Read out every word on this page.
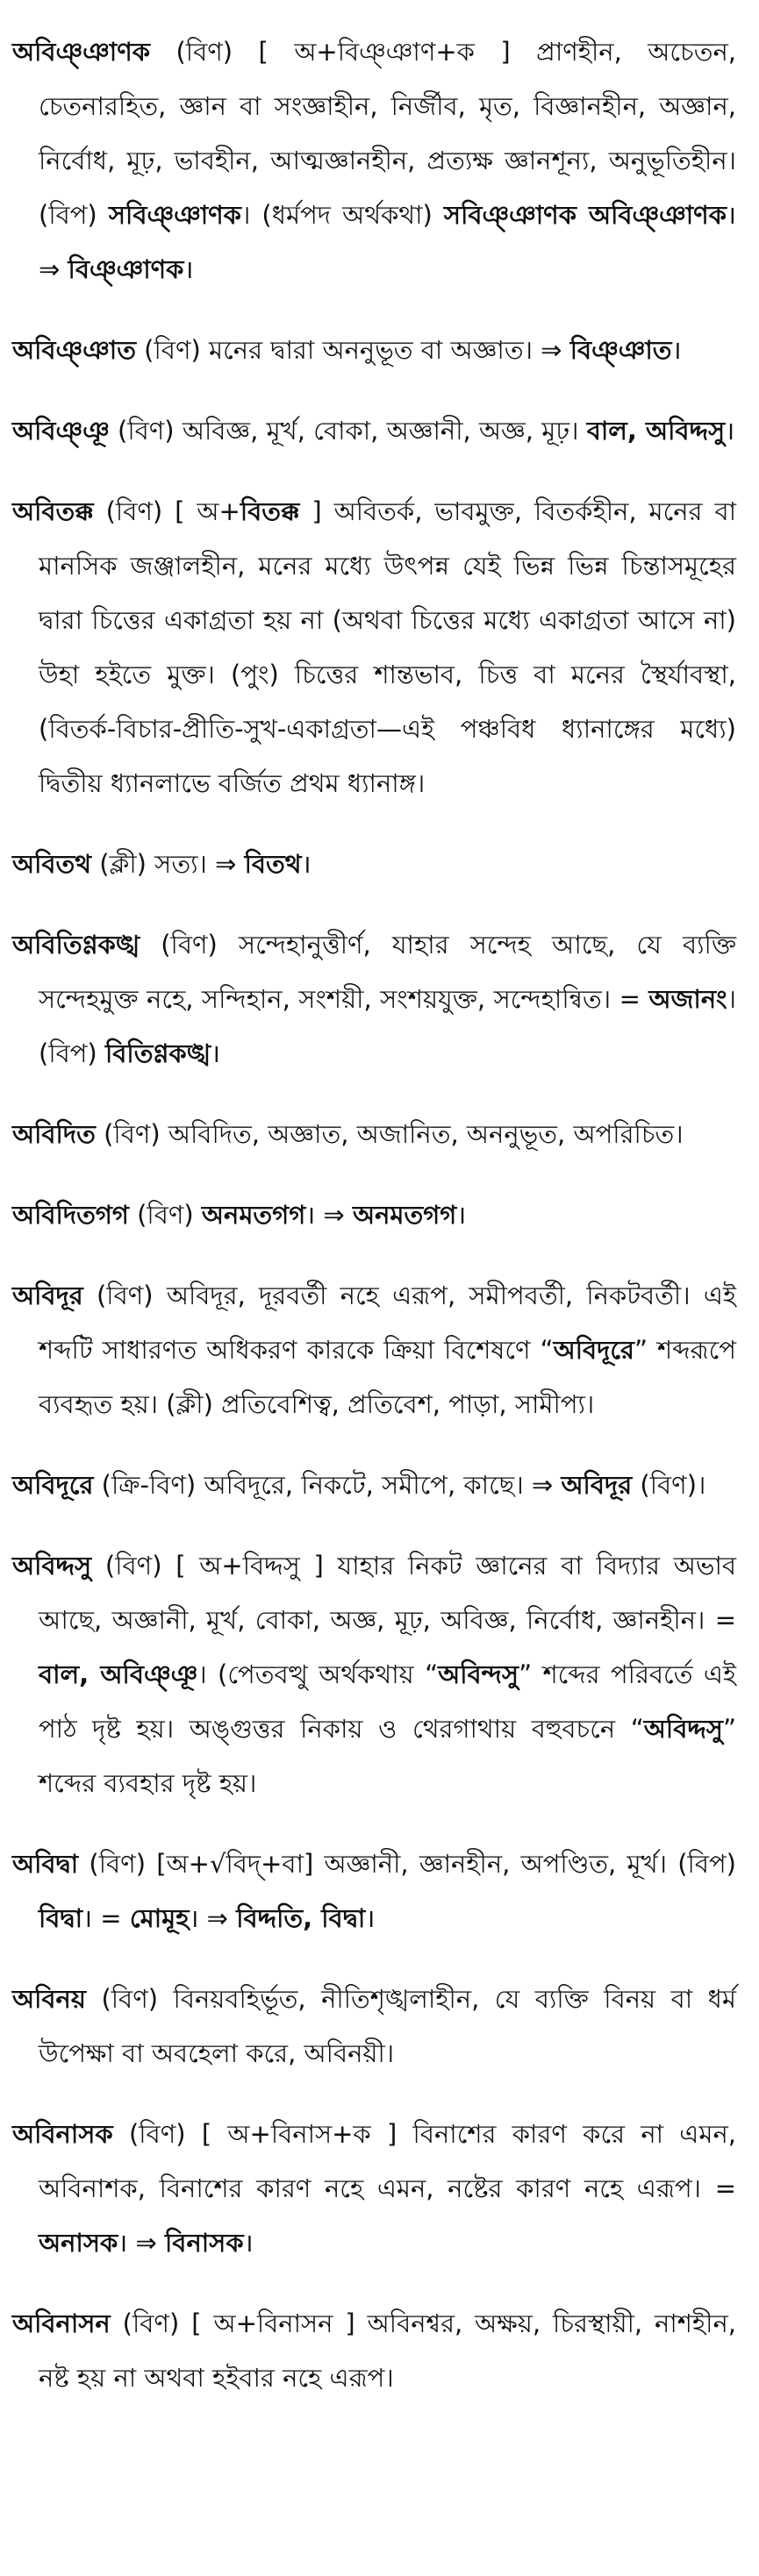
অবিঞ্ঞাণক (বিণ) [ অ+বিঞ্ঞাণ+ক ] প্রাণহীন, অচেতন, চেতনারহিত, জ্ঞান বা সংজ্ঞাহীন, নির্জীব, মৃত, বিজ্ঞানহীন, অজ্ঞান, নির্বোধ, মূঢ়, ভাবহীন, আত্মজ্ঞানহীন, প্রত্যক্ষ জ্ঞানশূন্য, অনুভূতিহীন। (বিপ) সবিঞ্ঞাণক। (ধর্মপদ অর্থকথা) সবিঞ্ঞাণক অবিঞ্ঞাণক। ⇒ বিঞ্ঞাণক।

অবিঞ্ঞাত (বিণ) মনের দ্বারা অননুভূত বা অজ্ঞাত। ⇒ বিঞ্ঞাত।

অবিঞ্ঞূ (বিণ) অবিজ্ঞ, মূর্খ, বোকা, অজ্ঞানী, অজ্ঞ, মূঢ়। বাল, অবিদ্দসু।

অবিতক্ক (বিণ) [ অ+বিতক্ক ] অবিতর্ক, ভাবমুক্ত, বিতর্কহীন, মনের বা মানসিক জঞ্জালহীন, মনের মধ্যে উৎপন্ন যেই ভিন্ন ভিন্ন চিন্তাসমূহের দ্বারা চিত্তের একাগ্রতা হয় না (অথবা চিত্তের মধ্যে একাগ্রতা আসে না) উহা হইতে মুক্ত। (পুং) চিত্তের শান্তভাব, চিত্ত বা মনের স্থৈর্যাবস্থা, (বিতর্ক-বিচার-প্রীতি-সুখ-একাগ্রতা—এই পঞ্চবিধ ধ্যানাঙ্গের মধ্যে) দ্বিতীয় ধ্যানলাভে বর্জিত প্রথম ধ্যানাঙ্গ।

অবিতথ (ক্লী) সত্য। ⇒ বিতথ।

অবিতিণ্ণকঙ্খ (বিণ) সন্দেহানুত্তীর্ণ, যাহার সন্দেহ আছে, যে ব্যক্তি সন্দেহমুক্ত নহে, সন্দিহান, সংশয়ী, সংশয়যুক্ত, সন্দেহান্বিত। = অজানং। (বিপ) বিতিণ্ণকঙ্খ।

অবিদিত (বিণ) অবিদিত, অজ্ঞাত, অজানিত, অননুভূত, অপরিচিত।

অবিদিতগগ (বিণ) অনমতগগ। ⇒ অনমতগগ।

অবিদূর (বিণ) অবিদূর, দূরবর্তী নহে এরূপ, সমীপবর্তী, নিকটবর্তী। এই শব্দটি সাধারণত অধিকরণ কারকে ক্রিয়া বিশেষণে “অবিদূরে” শব্দরূপে ব্যবহৃত হয়। (ক্লী) প্রতিবেশিত্ব, প্রতিবেশ, পাড়া, সামীপ্য।

অবিদূরে (ক্রি-বিণ) অবিদূরে, নিকটে, সমীপে, কাছে। ⇒ অবিদূর (বিণ)।

অবিদ্দসু (বিণ) [ অ+বিদ্দসু ] যাহার নিকট জ্ঞানের বা বিদ্যার অভাব আছে, অজ্ঞানী, মূর্খ, বোকা, অজ্ঞ, মূঢ়, অবিজ্ঞ, নির্বোধ, জ্ঞানহীন। = বাল, অবিঞ্ঞূ। (পেতবত্থু অর্থকথায় “অবিন্দসু” শব্দের পরিবর্তে এই পাঠ দৃষ্ট হয়। অঙ্গুত্তর নিকায় ও থেরগাথায় বহুবচনে “অবিদ্দসু” শব্দের ব্যবহার দৃষ্ট হয়।

অবিদ্বা (বিণ) [অ+√বিদ্+বা] অজ্ঞানী, জ্ঞানহীন, অপণ্ডিত, মূর্খ। (বিপ) বিদ্বা। = মোমূহ। ⇒ বিদ্দতি, বিদ্বা।

অবিনয় (বিণ) বিনয়বহির্ভূত, নীতিশৃঙ্খলাহীন, যে ব্যক্তি বিনয় বা ধর্ম উপেক্ষা বা অবহেলা করে, অবিনয়ী।

অবিনাসক (বিণ) [ অ+বিনাস+ক ] বিনাশের কারণ করে না এমন, অবিনাশক, বিনাশের কারণ নহে এমন, নষ্টের কারণ নহে এরূপ। = অনাসক। ⇒ বিনাসক।

অবিনাসন (বিণ) [ অ+বিনাসন ] অবিনশ্বর, অক্ষয়, চিরস্থায়ী, নাশহীন, নষ্ট হয় না অথবা হইবার নহে এরূপ।
